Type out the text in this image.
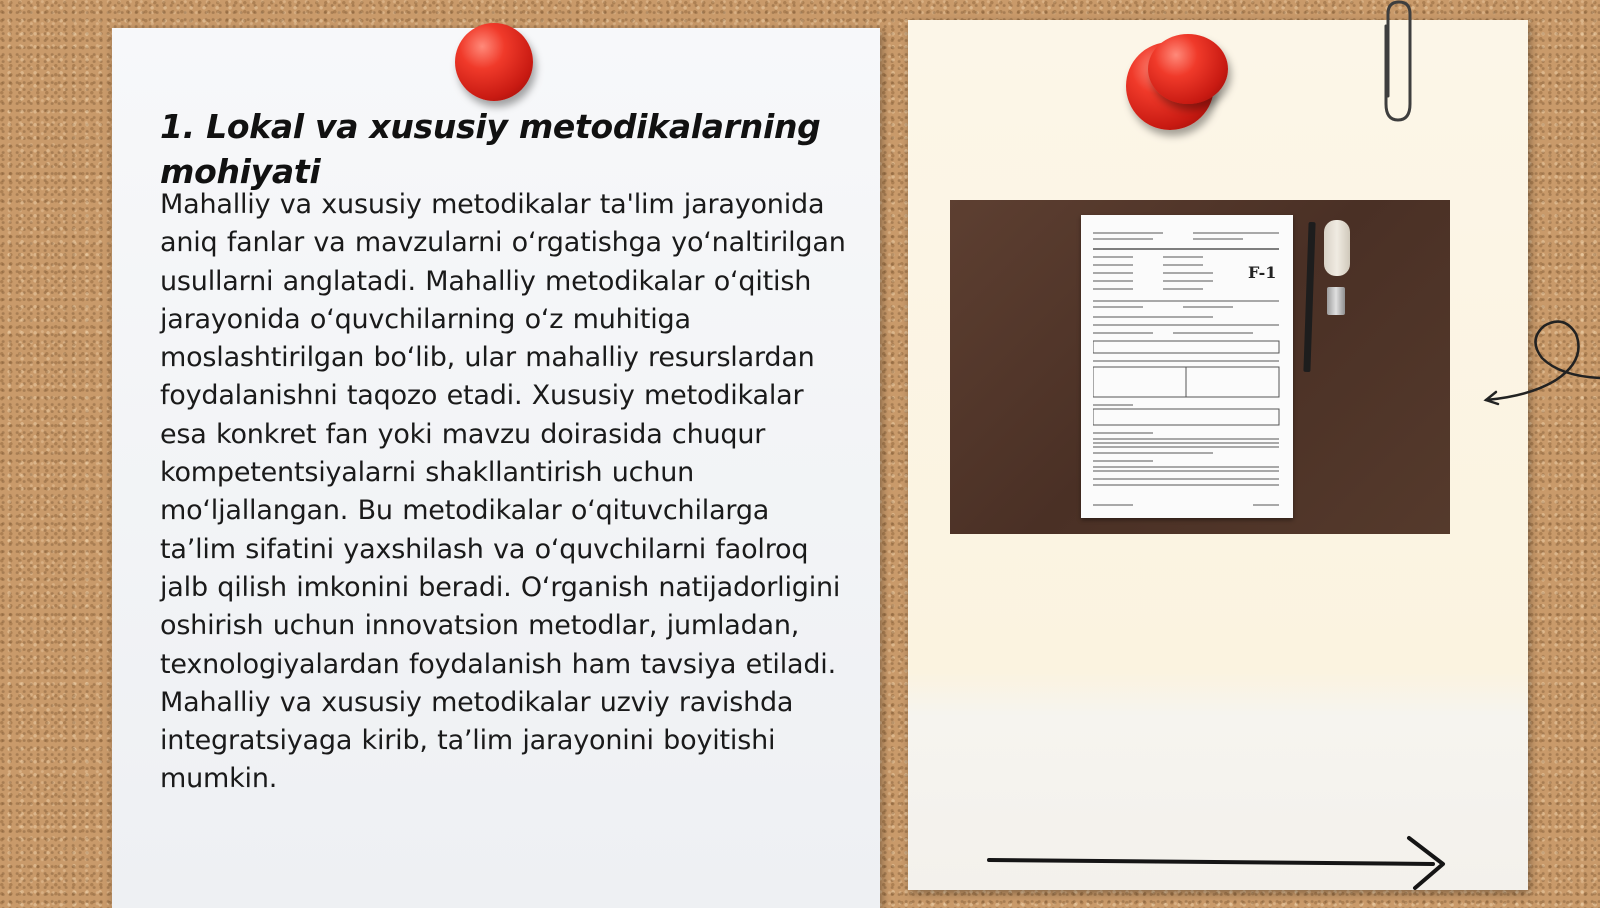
1. Lokal va xususiy metodikalarning mohiyati

Mahalliy va xususiy metodikalar ta'lim jarayonida aniq fanlar va mavzularni o‘rgatishga yo‘naltirilgan usullarni anglatadi. Mahalliy metodikalar o‘qitish jarayonida o‘quvchilarning o‘z muhitiga moslashtirilgan bo‘lib, ular mahalliy resurslardan foydalanishni taqozo etadi. Xususiy metodikalar esa konkret fan yoki mavzu doirasida chuqur kompetentsiyalarni shakllantirish uchun mo‘ljallangan. Bu metodikalar o‘qituvchilarga ta’lim sifatini yaxshilash va o‘quvchilarni faolroq jalb qilish imkonini beradi. O‘rganish natijadorligini oshirish uchun innovatsion metodlar, jumladan, texnologiyalardan foydalanish ham tavsiya etiladi. Mahalliy va xususiy metodikalar uzviy ravishda integratsiyaga kirib, ta’lim jarayonini boyitishi mumkin.

F-1
